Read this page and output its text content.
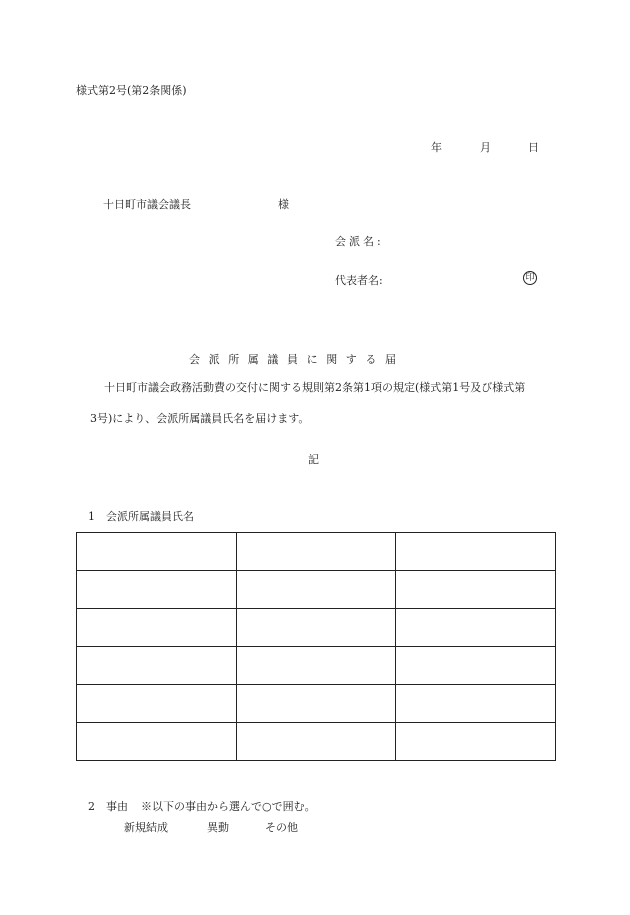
様式第2号(第2条関係)
年	月	日
十日町市議会議長	様
会派名:
代表者名:	印
会派所属議員に関する届
十日町市議会政務活動費の交付に関する規則第2条第1項の規定(様式第1号及び様式第
3号)により、会派所属議員氏名を届けます。
記
1　会派所属議員氏名

2　事由 ※以下の事由から選んで○で囲む。
新規結成	異動	その他
